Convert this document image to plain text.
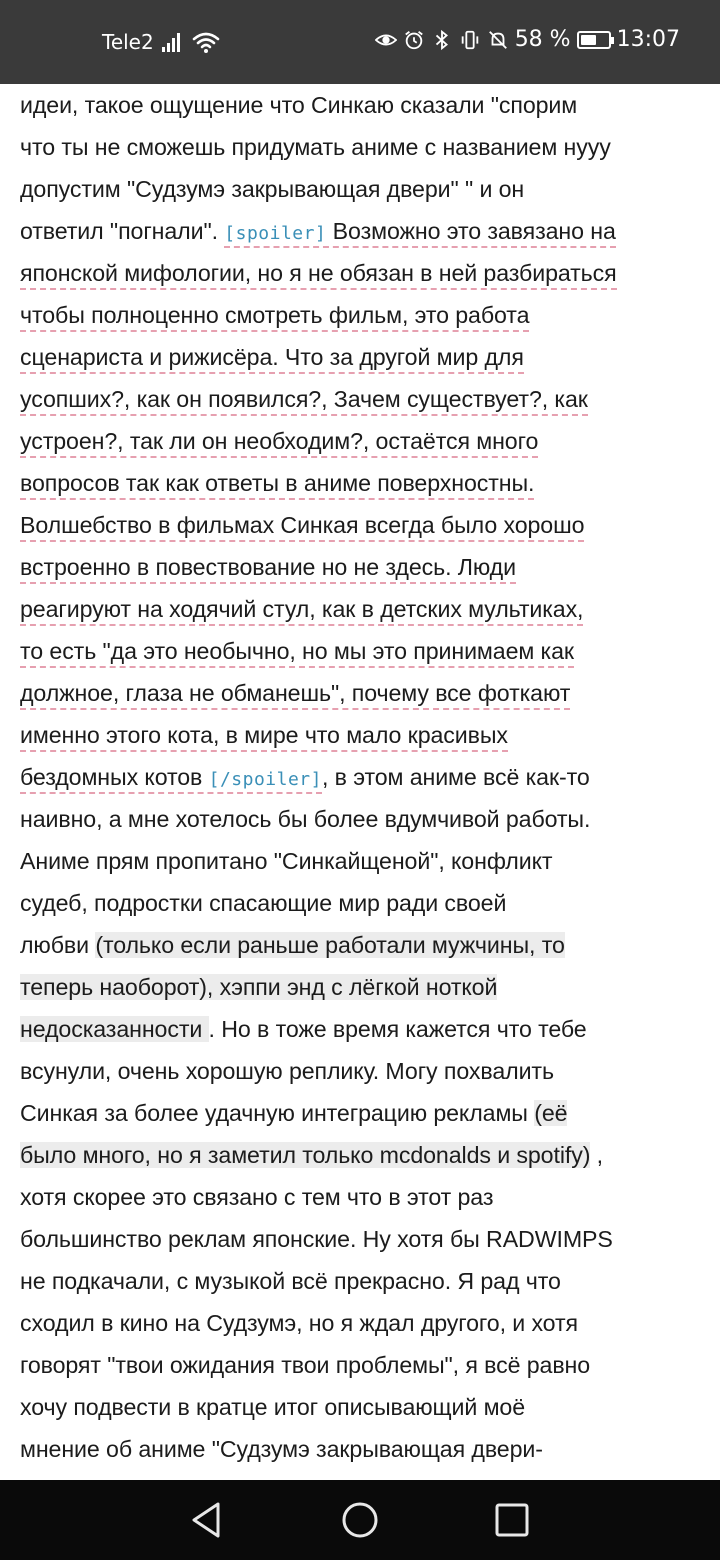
идеи, такое ощущение что Синкаю сказали "спорим
что ты не сможешь придумать аниме с названием нууу
допустим "Судзумэ закрывающая двери" " и он
ответил "погнали". [spoiler] Возможно это завязано на
японской мифологии, но я не обязан в ней разбираться
чтобы полноценно смотреть фильм, это работа
сценариста и рижисёра. Что за другой мир для
усопших?, как он появился?, Зачем существует?, как
устроен?, так ли он необходим?, остаётся много
вопросов так как ответы в аниме поверхностны.
Волшебство в фильмах Синкая всегда было хорошо
встроенно в повествование но не здесь. Люди
реагируют на ходячий стул, как в детских мультиках,
то есть "да это необычно, но мы это принимаем как
должное, глаза не обманешь", почему все фоткают
именно этого кота, в мире что мало красивых
бездомных котов [/spoiler], в этом аниме всё как-то
наивно, а мне хотелось бы более вдумчивой работы.
Аниме прям пропитано "Синкайщеной", конфликт
судеб, подростки спасающие мир ради своей
любви (только если раньше работали мужчины, то
теперь наоборот), хэппи энд с лёгкой ноткой
недосказанности . Но в тоже время кажется что тебе
всунули, очень хорошую реплику. Могу похвалить
Синкая за более удачную интеграцию рекламы (её
было много, но я заметил только mcdonalds и spotify) ,
хотя скорее это связано с тем что в этот раз
большинство реклам японские. Ну хотя бы RADWIMPS
не подкачали, с музыкой всё прекрасно. Я рад что
сходил в кино на Судзумэ, но я ждал другого, и хотя
говорят "твои ожидания твои проблемы", я всё равно
хочу подвести в кратце итог описывающий моё
мнение об аниме "Судзумэ закрывающая двери-
Tele2	58 % 13:07
